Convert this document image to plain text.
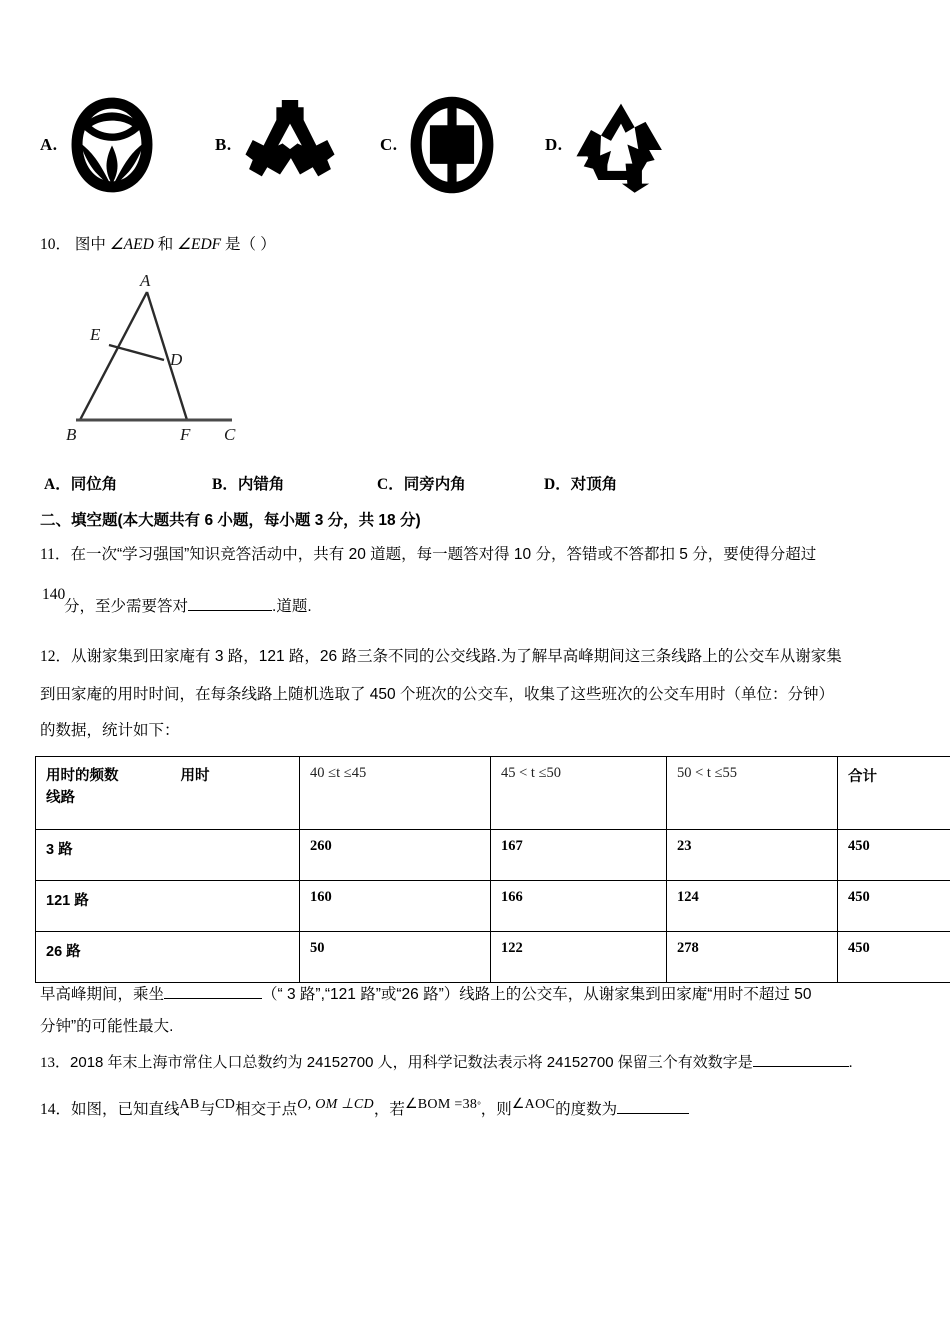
A.	B.	C.	D.
10． 图中 ∠AED 和 ∠EDF 是（ ）
A
E
D
B	F C
A．同位角	B．内错角	C．同旁内角	D．对顶角
二、填空题(本大题共有 6 小题，每小题 3 分，共 18 分)
11．在一次“学习强国”知识竞答活动中，共有 20 道题，每一题答对得 10 分，答错或不答都扣 5 分，要使得分超过
140
分，至少需要答对	.道题.
12．从谢家集到田家庵有 3 路，121 路，26 路三条不同的公交线路.为了解早高峰期间这三条线路上的公交车从谢家集
到田家庵的用时时间，在每条线路上随机选取了 450 个班次的公交车，收集了这些班次的公交车用时（单位：分钟）
的数据，统计如下：
用时的频数 用时
线路	40 ≤t ≤45	45 < t ≤50	50 < t ≤55	合计
3 路	260	167	23	450
121 路	160	166	124	450
26 路	50	122	278	450
早高峰期间，乘坐	（“ 3 路”,“121 路”或“26 路”）线路上的公交车，从谢家集到田家庵“用时不超过 50
分钟”的可能性最大.
13．2018 年末上海市常住人口总数约为 24152700 人，用科学记数法表示将 24152700 保留三个有效数字是	.
14．如图，已知直线AB与CD相交于点O, OM ⊥CD，若∠BOM =38°，则∠AOC的度数为
